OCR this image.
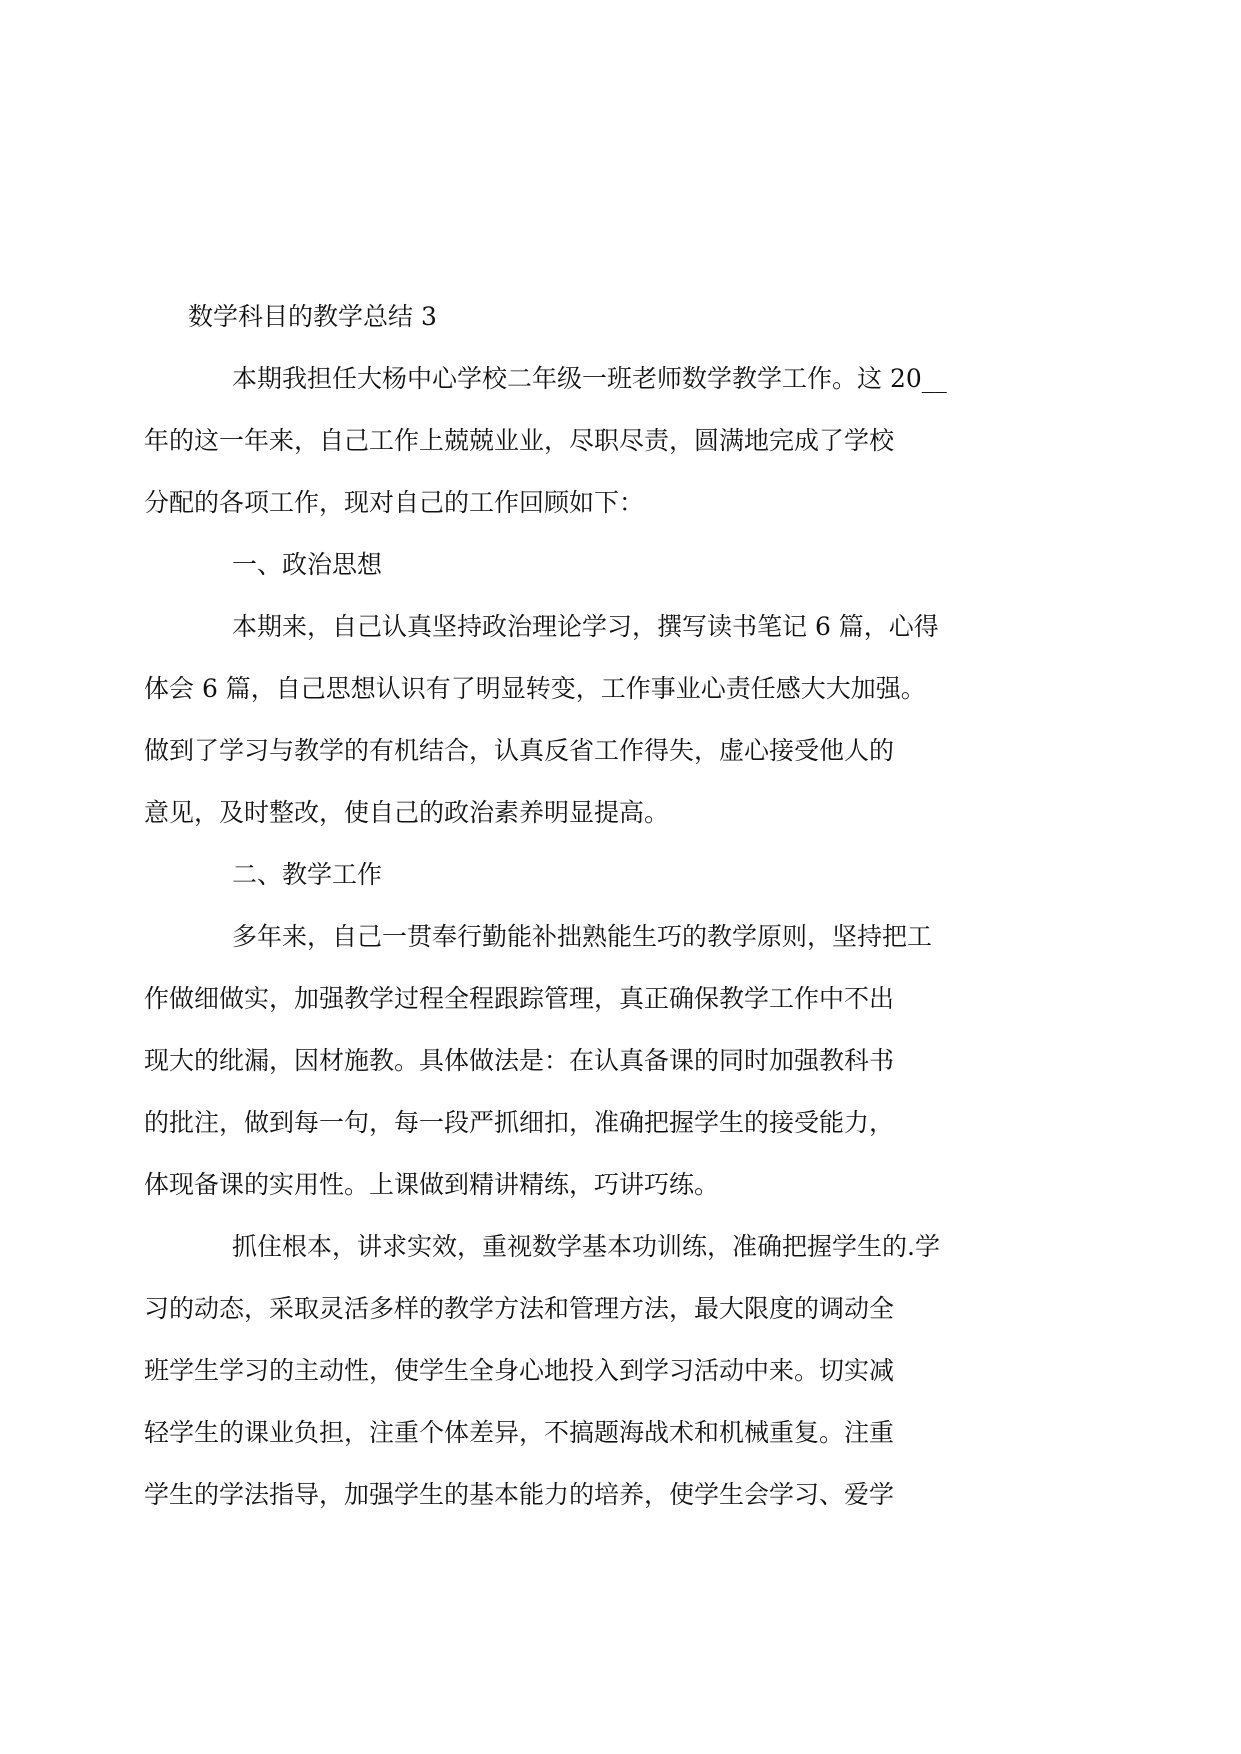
数学科目的教学总结 3

本期我担任大杨中心学校二年级一班老师数学教学工作。这 20__
年的这一年来，自己工作上兢兢业业，尽职尽责，圆满地完成了学校
分配的各项工作，现对自己的工作回顾如下：

一、政治思想

本期来，自己认真坚持政治理论学习，撰写读书笔记 6 篇，心得
体会 6 篇，自己思想认识有了明显转变，工作事业心责任感大大加强。
做到了学习与教学的有机结合，认真反省工作得失，虚心接受他人的
意见，及时整改，使自己的政治素养明显提高。

二、教学工作

多年来，自己一贯奉行勤能补拙熟能生巧的教学原则，坚持把工
作做细做实，加强教学过程全程跟踪管理，真正确保教学工作中不出
现大的纰漏，因材施教。具体做法是：在认真备课的同时加强教科书
的批注，做到每一句，每一段严抓细扣，准确把握学生的接受能力，
体现备课的实用性。上课做到精讲精练，巧讲巧练。

抓住根本，讲求实效，重视数学基本功训练，准确把握学生的.学
习的动态，采取灵活多样的教学方法和管理方法，最大限度的调动全
班学生学习的主动性，使学生全身心地投入到学习活动中来。切实减
轻学生的课业负担，注重个体差异，不搞题海战术和机械重复。注重
学生的学法指导，加强学生的基本能力的培养，使学生会学习、爱学
